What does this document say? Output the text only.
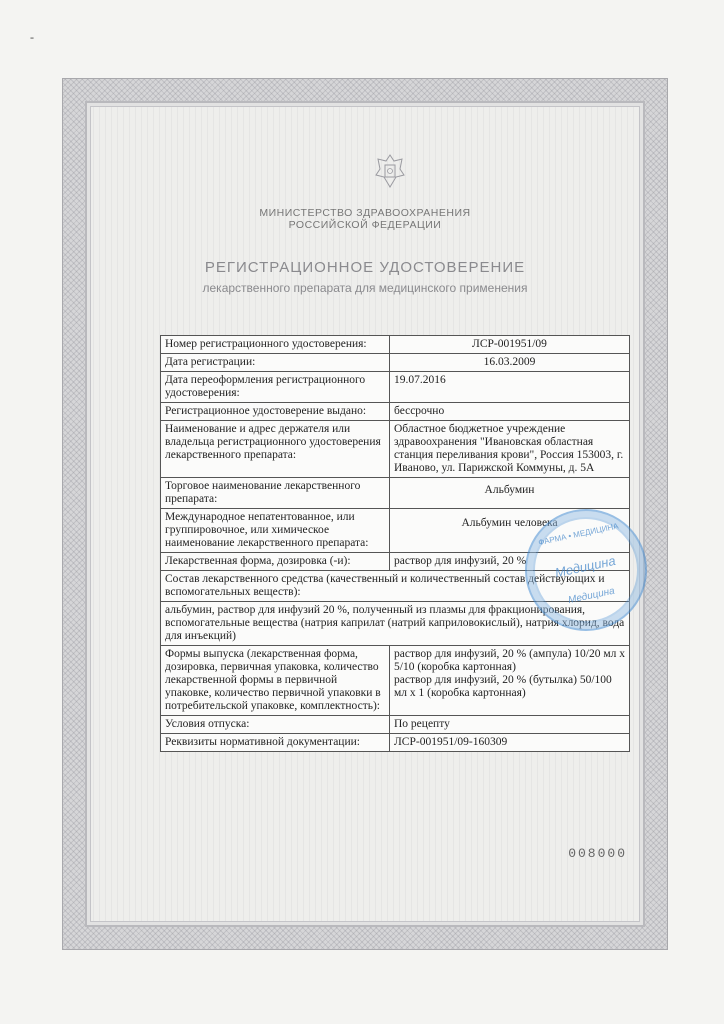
-
МИНИСТЕРСТВО ЗДРАВООХРАНЕНИЯ
РОССИЙСКОЙ ФЕДЕРАЦИИ
РЕГИСТРАЦИОННОЕ УДОСТОВЕРЕНИЕ
лекарственного препарата для медицинского применения
Номер регистрационного удостоверения:	ЛСР-001951/09
Дата регистрации:	16.03.2009
Дата переоформления регистрационного удостоверения:	19.07.2016
Регистрационное удостоверение выдано:	бессрочно
Наименование и адрес держателя или владельца регистрационного удостоверения лекарственного препарата:	Областное бюджетное учреждение здравоохранения "Ивановская областная станция переливания крови", Россия 153003, г. Иваново, ул. Парижской Коммуны, д. 5А
Торговое наименование лекарственного препарата:	Альбумин
Международное непатентованное, или группировочное, или химическое наименование лекарственного препарата:	Альбумин человека
Лекарственная форма, дозировка (-и):	раствор для инфузий, 20 %

Состав лекарственного средства (качественный и количественный состав действующих и вспомогательных веществ):	

альбумин, раствор для инфузий 20 %, полученный из плазмы для фракционирования, вспомогательные вещества (натрия каприлат (натрий каприловокислый), натрия хлорид, вода для инъекций)	
Формы выпуска (лекарственная форма, дозировка, первичная упаковка, количество лекарственной формы в первичной упаковке, количество первичной упаковки в потребительской упаковке, комплектность):	раствор для инфузий, 20 % (ампула) 10/20 мл х 5/10 (коробка картонная)
раствор для инфузий, 20 % (бутылка) 50/100 мл х 1 (коробка картонная)

Условия отпуска:	По рецепту
Реквизиты нормативной документации:	ЛСР-001951/09-160309
008000
ФАРМА • МЕДИЦИНА
Медицина
Медицина
